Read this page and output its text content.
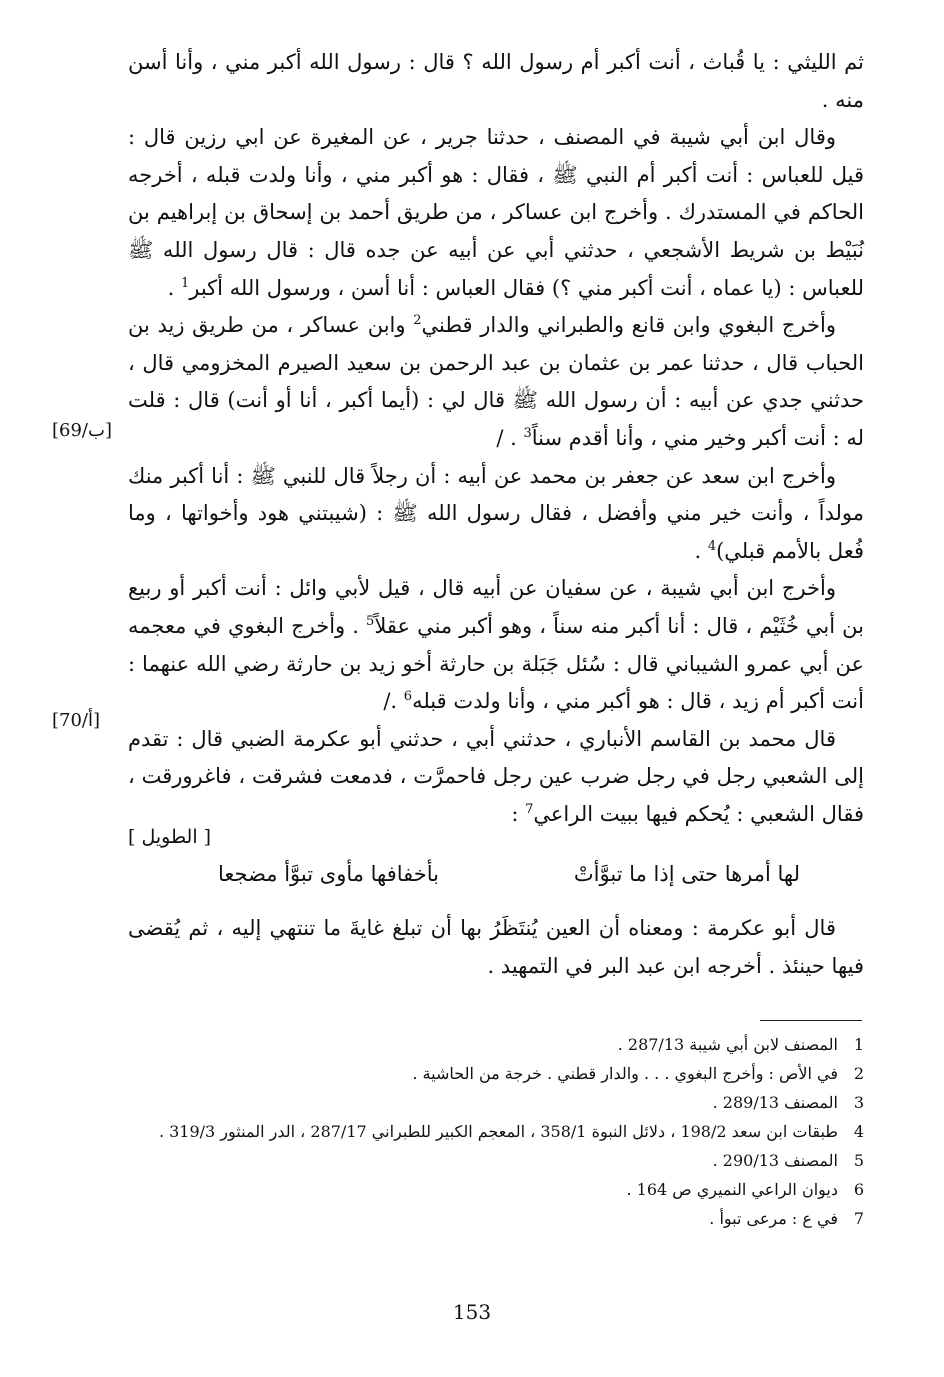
ثم الليثي : يا قُباث ، أنت أكبر أم رسول الله ؟ قال : رسول الله أكبر مني ، وأنا أسن منه .

وقال ابن أبي شيبة في المصنف ، حدثنا جرير ، عن المغيرة عن ابي رزين قال : قيل للعباس : أنت أكبر أم النبي ﷺ ، فقال : هو أكبر مني ، وأنا ولدت قبله ، أخرجه الحاكم في المستدرك . وأخرج ابن عساكر ، من طريق أحمد بن إسحاق بن إبراهيم بن نُبَيْط بن شريط الأشجعي ، حدثني أبي عن أبيه عن جده قال : قال رسول الله ﷺ للعباس : (يا عماه ، أنت أكبر مني ؟) فقال العباس : أنا أسن ، ورسول الله أكبر$^1$ .

وأخرج البغوي وابن قانع والطبراني والدار قطني$^2$ وابن عساكر ، من طريق زيد بن الحباب قال ، حدثنا عمر بن عثمان بن عبد الرحمن بن سعيد الصيرم المخزومي قال ، حدثني جدي عن أبيه : أن رسول الله ﷺ قال لي : (أيما أكبر ، أنا أو أنت) قال : قلت له : أنت أكبر وخير مني ، وأنا أقدم سناً$^3$ . /

وأخرج ابن سعد عن جعفر بن محمد عن أبيه : أن رجلاً قال للنبي ﷺ : أنا أكبر منك مولداً ، وأنت خير مني وأفضل ، فقال رسول الله ﷺ : (شيبتني هود وأخواتها ، وما فُعل بالأمم قبلي)$^4$ .

وأخرج ابن أبي شيبة ، عن سفيان عن أبيه قال ، قيل لأبي وائل : أنت أكبر أو ربيع بن أبي خُثَيْم ، قال : أنا أكبر منه سناً ، وهو أكبر مني عقلاً$^5$ . وأخرج البغوي في معجمه عن أبي عمرو الشيباني قال : سُئل جَبَلة بن حارثة أخو زيد بن حارثة رضي الله عنهما : أنت أكبر أم زيد ، قال : هو أكبر مني ، وأنا ولدت قبله$^6$ ./

قال محمد بن القاسم الأنباري ، حدثني أبي ، حدثني أبو عكرمة الضبي قال : تقدم إلى الشعبي رجل في رجل ضرب عين رجل فاحمرَّت ، فدمعت فشرقت ، فاغرورقت ، فقال الشعبي : يُحكم فيها ببيت الراعي$^7$ :

[69/ب]
[70/أ]
[ الطويل ]
لها أمرها حتى إذا ما تبوَّأتْ
بأخفافها مأوى تبوَّأ مضجعا

قال أبو عكرمة : ومعناه أن العين يُنتَظَرُ بها أن تبلغ غايةَ ما تنتهي إليه ، ثم يُقضى فيها حينئذ . أخرجه ابن عبد البر في التمهيد .

1
المصنف لابن أبي شيبة 287/13 .
2
في الأص : وأخرج البغوي . . . والدار قطني . خرجة من الحاشية .
3
المصنف 289/13 .
4
طبقات ابن سعد 198/2 ، دلائل النبوة 358/1 ، المعجم الكبير للطبراني 287/17 ، الدر المنثور 319/3 .
5
المصنف 290/13 .
6
ديوان الراعي النميري ص 164 .
7
في ع : مرعى تبوأ .
153
